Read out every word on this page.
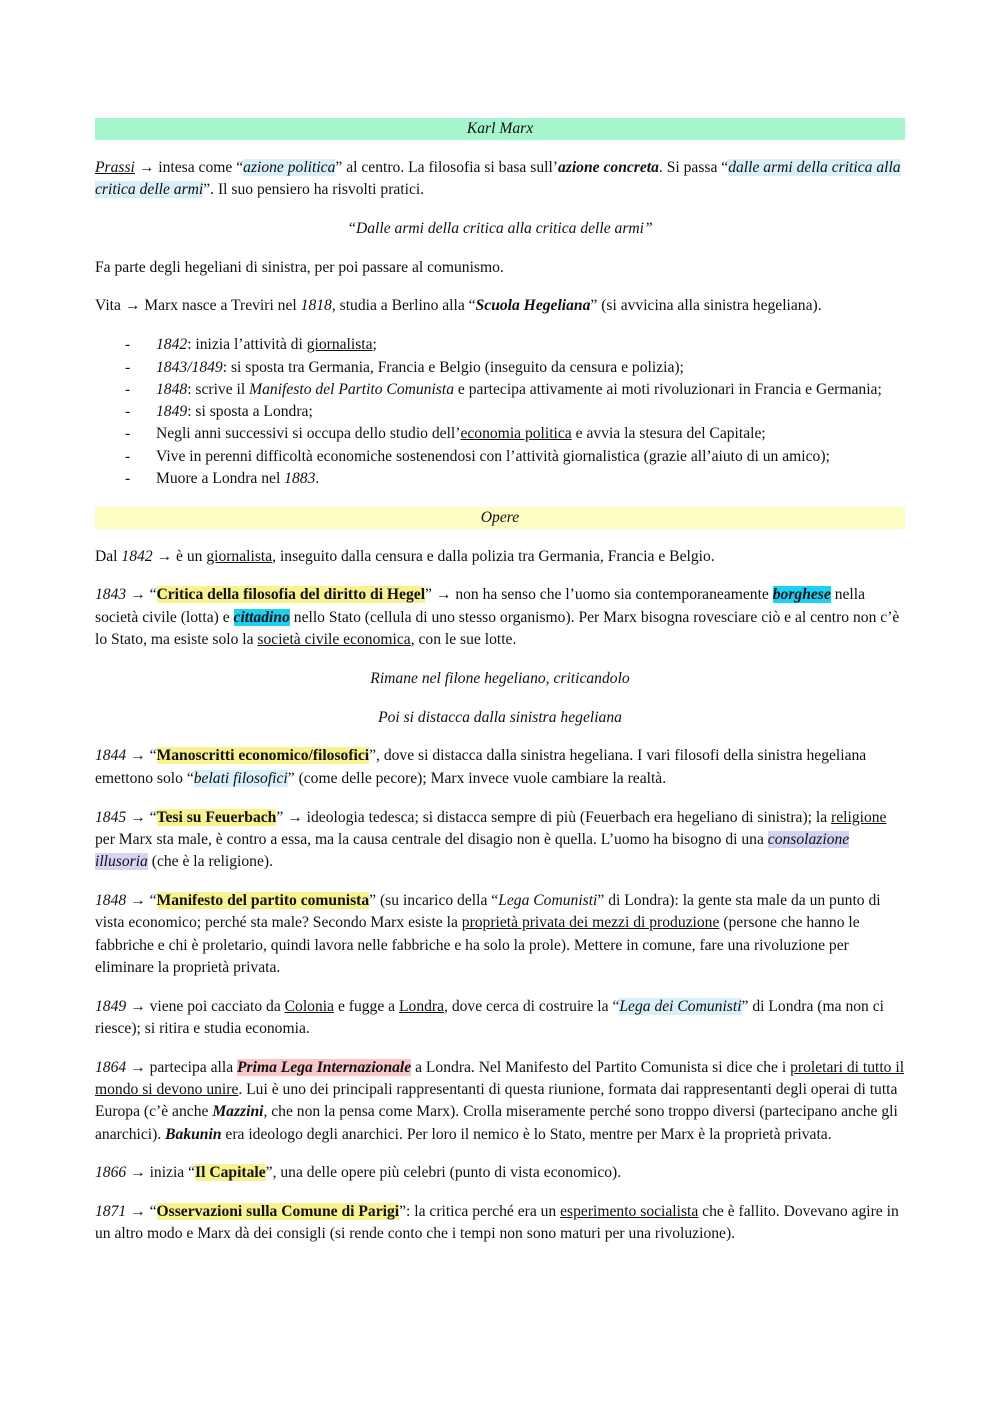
Karl Marx

Prassi → intesa come “azione politica” al centro. La filosofia si basa sull’azione concreta. Si passa “dalle armi della critica alla critica delle armi”. Il suo pensiero ha risvolti pratici.

“Dalle armi della critica alla critica delle armi”

Fa parte degli hegeliani di sinistra, per poi passare al comunismo.

Vita → Marx nasce a Treviri nel 1818, studia a Berlino alla “Scuola Hegeliana” (si avvicina alla sinistra hegeliana).

- 1842: inizia l’attività di giornalista;
- 1843/1849: si sposta tra Germania, Francia e Belgio (inseguito da censura e polizia);
- 1848: scrive il Manifesto del Partito Comunista e partecipa attivamente ai moti rivoluzionari in Francia e Germania;
- 1849: si sposta a Londra;
- Negli anni successivi si occupa dello studio dell’economia politica e avvia la stesura del Capitale;
- Vive in perenni difficoltà economiche sostenendosi con l’attività giornalistica (grazie all’aiuto di un amico);
- Muore a Londra nel 1883.
Opere

Dal 1842 → è un giornalista, inseguito dalla censura e dalla polizia tra Germania, Francia e Belgio.

1843 → “Critica della filosofia del diritto di Hegel” → non ha senso che l’uomo sia contemporaneamente borghese nella società civile (lotta) e cittadino nello Stato (cellula di uno stesso organismo). Per Marx bisogna rovesciare ciò e al centro non c’è lo Stato, ma esiste solo la società civile economica, con le sue lotte.

Rimane nel filone hegeliano, criticandolo

Poi si distacca dalla sinistra hegeliana

1844 → “Manoscritti economico/filosofici”, dove si distacca dalla sinistra hegeliana. I vari filosofi della sinistra hegeliana emettono solo “belati filosofici” (come delle pecore); Marx invece vuole cambiare la realtà.

1845 → “Tesi su Feuerbach” → ideologia tedesca; si distacca sempre di più (Feuerbach era hegeliano di sinistra); la religione per Marx sta male, è contro a essa, ma la causa centrale del disagio non è quella. L’uomo ha bisogno di una consolazione illusoria (che è la religione).

1848 → “Manifesto del partito comunista” (su incarico della “Lega Comunisti” di Londra): la gente sta male da un punto di vista economico; perché sta male? Secondo Marx esiste la proprietà privata dei mezzi di produzione (persone che hanno le fabbriche e chi è proletario, quindi lavora nelle fabbriche e ha solo la prole). Mettere in comune, fare una rivoluzione per eliminare la proprietà privata.

1849 → viene poi cacciato da Colonia e fugge a Londra, dove cerca di costruire la “Lega dei Comunisti” di Londra (ma non ci riesce); si ritira e studia economia.

1864 → partecipa alla Prima Lega Internazionale a Londra. Nel Manifesto del Partito Comunista si dice che i proletari di tutto il mondo si devono unire. Lui è uno dei principali rappresentanti di questa riunione, formata dai rappresentanti degli operai di tutta Europa (c’è anche Mazzini, che non la pensa come Marx). Crolla miseramente perché sono troppo diversi (partecipano anche gli anarchici). Bakunin era ideologo degli anarchici. Per loro il nemico è lo Stato, mentre per Marx è la proprietà privata.

1866 → inizia “Il Capitale”, una delle opere più celebri (punto di vista economico).

1871 → “Osservazioni sulla Comune di Parigi”: la critica perché era un esperimento socialista che è fallito. Dovevano agire in un altro modo e Marx dà dei consigli (si rende conto che i tempi non sono maturi per una rivoluzione).
